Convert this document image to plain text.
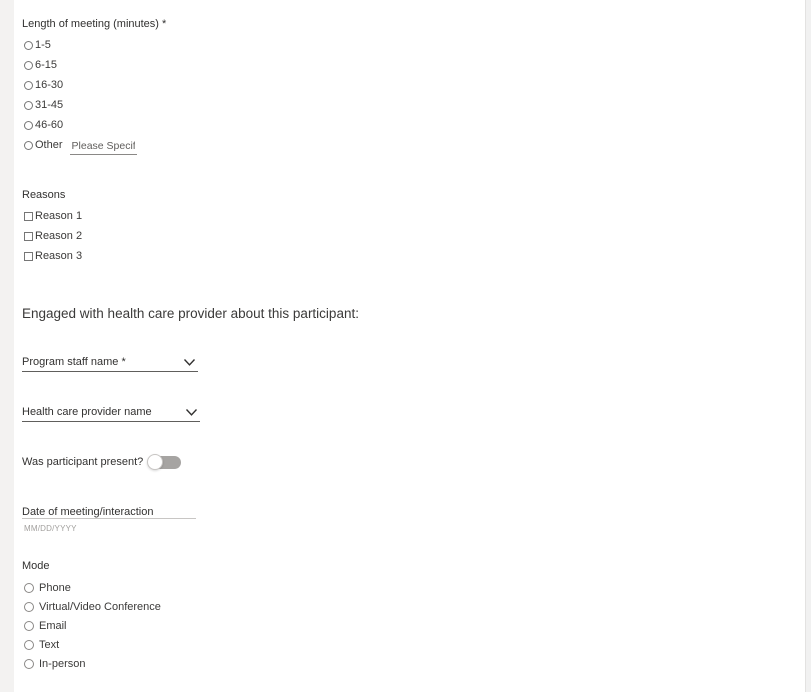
Length of meeting (minutes) *
1-5
6-15
16-30
31-45
46-60
Other
Please Specify
Reasons
Reason 1
Reason 2
Reason 3
Engaged with health care provider about this participant:
Program staff name *
Health care provider name
Was participant present?
Date of meeting/interaction
MM/DD/YYYY
Mode
Phone
Virtual/Video Conference
Email
Text
In-person
